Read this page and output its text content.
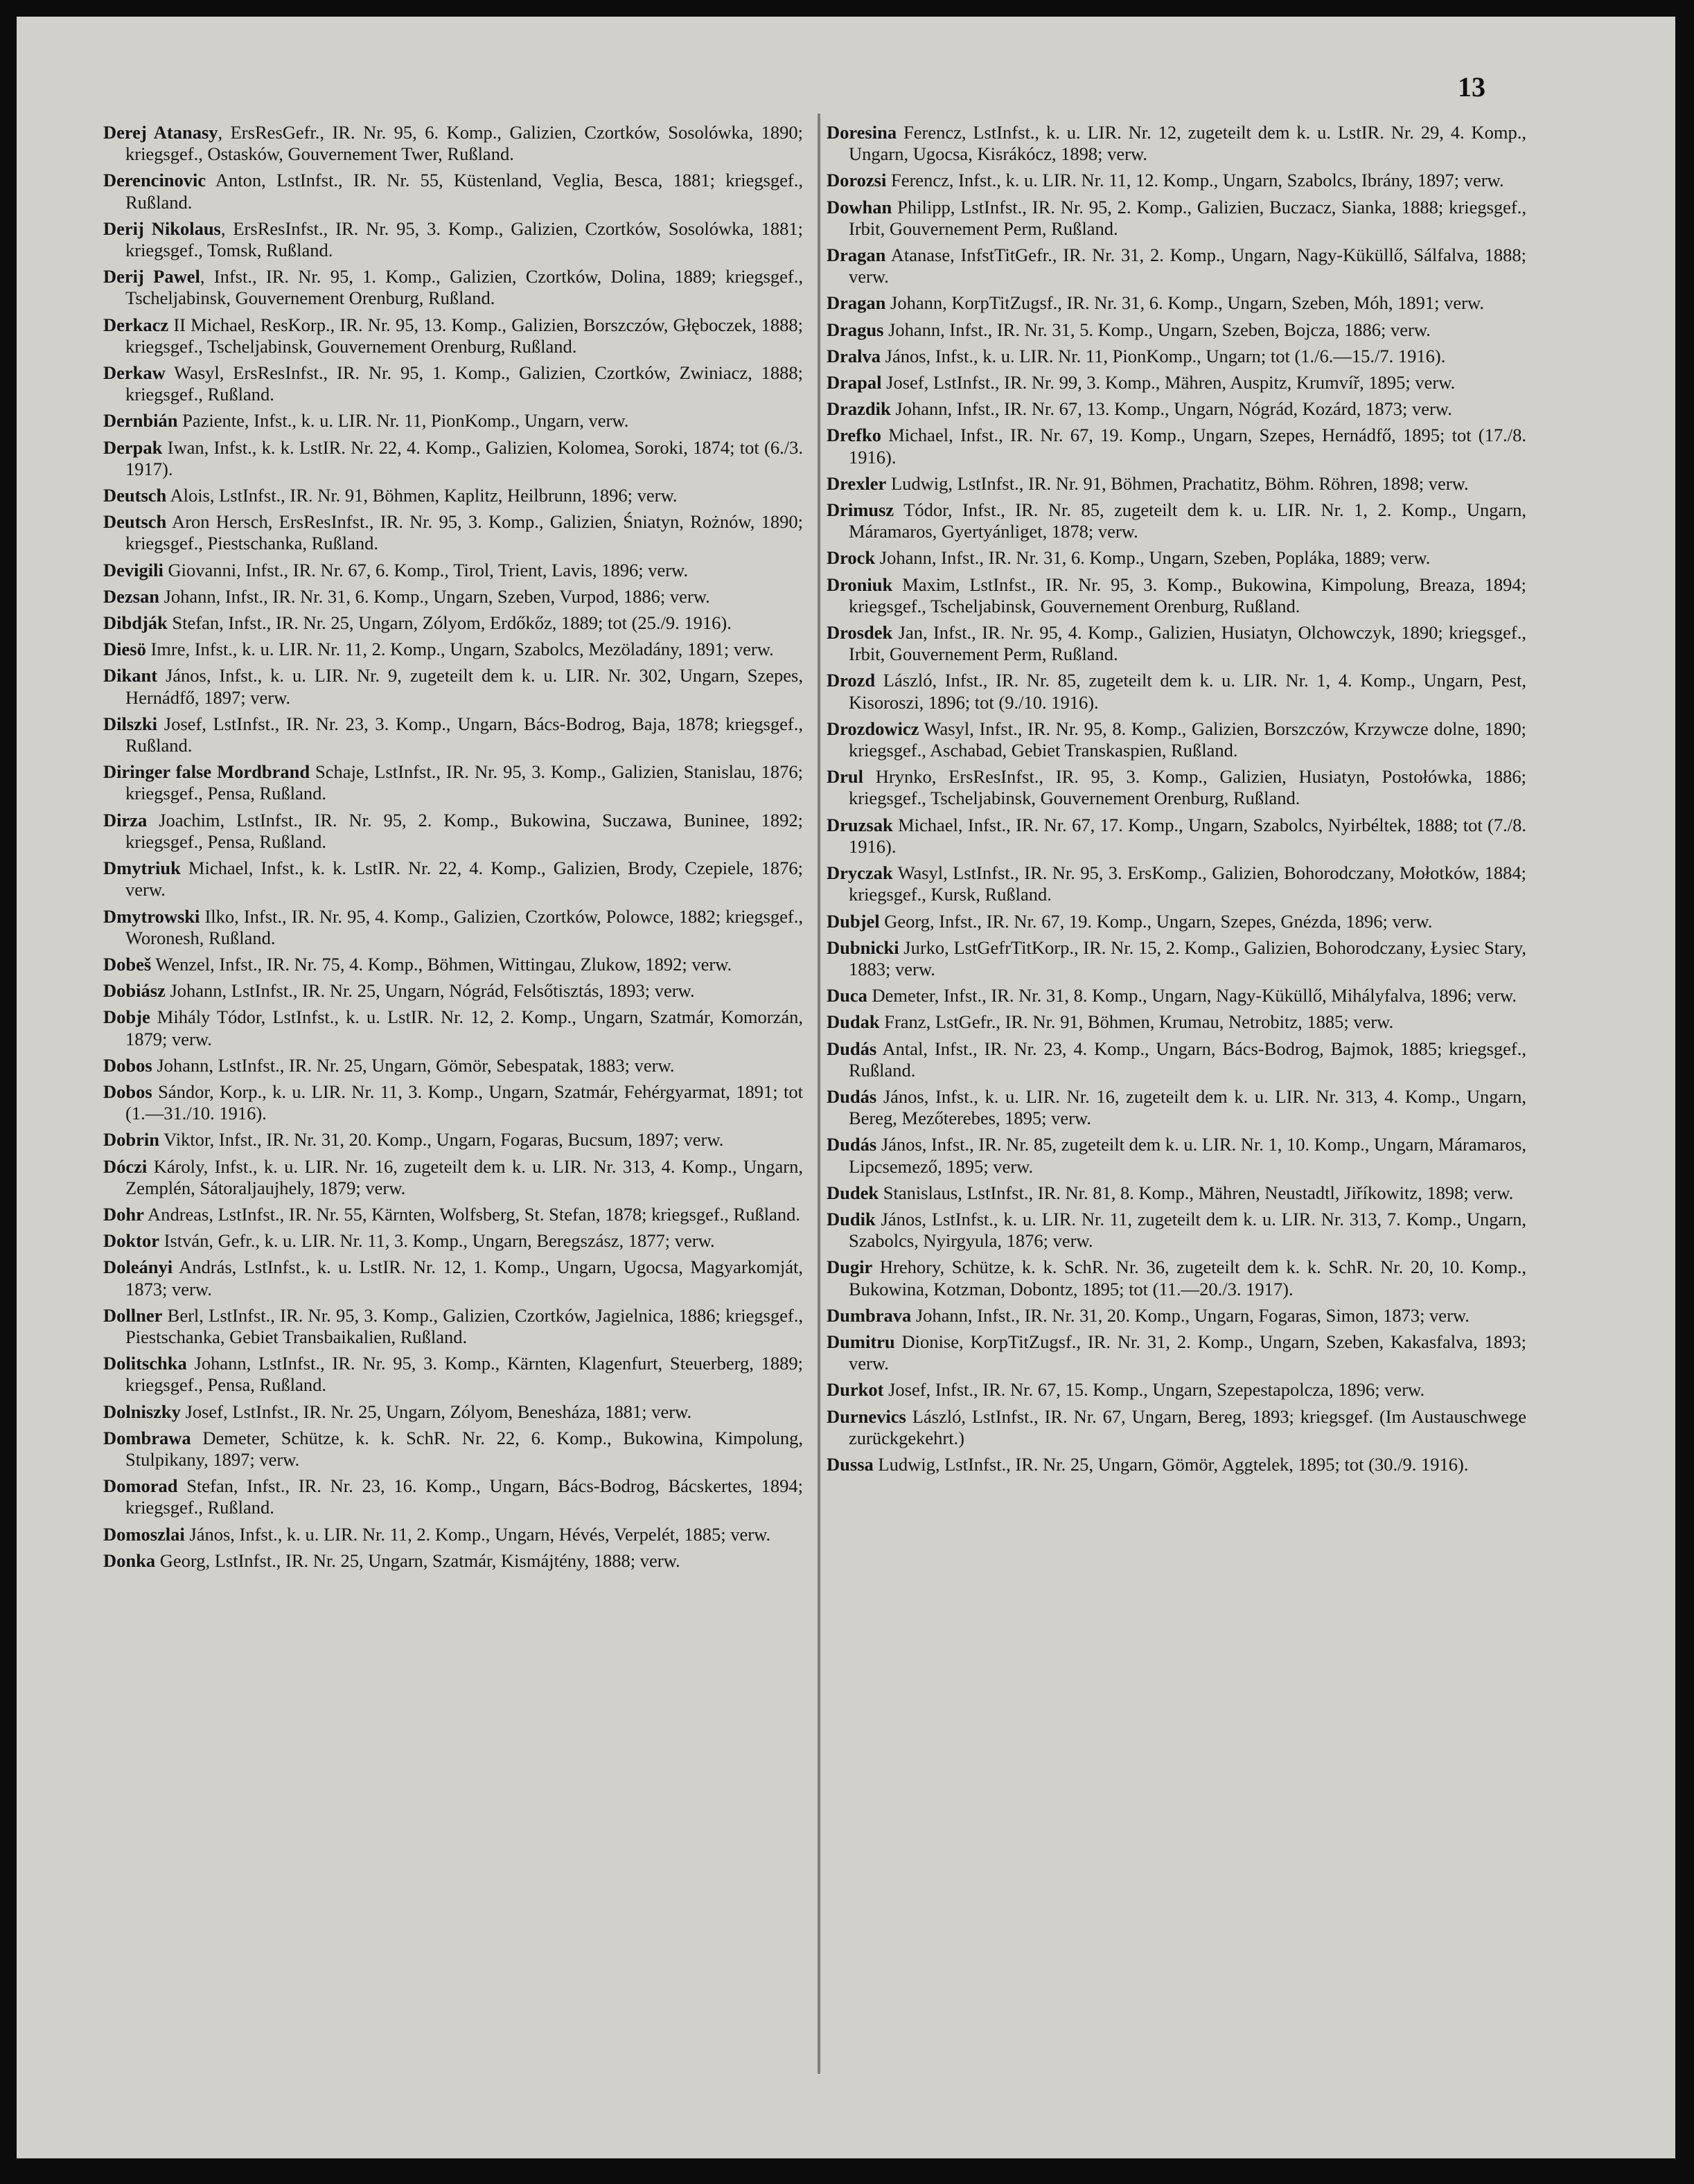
13

Derej Atanasy, ErsResGefr., IR. Nr. 95, 6. Komp., Galizien, Czortków, Sosolówka, 1890; kriegsgef., Ostasków, Gouvernement Twer, Rußland.

Derencinovic Anton, LstInfst., IR. Nr. 55, Küstenland, Veglia, Besca, 1881; kriegsgef., Rußland.

Derij Nikolaus, ErsResInfst., IR. Nr. 95, 3. Komp., Galizien, Czortków, Sosolówka, 1881; kriegsgef., Tomsk, Rußland.

Derij Pawel, Infst., IR. Nr. 95, 1. Komp., Galizien, Czortków, Dolina, 1889; kriegsgef., Tscheljabinsk, Gouvernement Orenburg, Rußland.

Derkacz II Michael, ResKorp., IR. Nr. 95, 13. Komp., Galizien, Borszczów, Głęboczek, 1888; kriegsgef., Tscheljabinsk, Gouvernement Orenburg, Rußland.

Derkaw Wasyl, ErsResInfst., IR. Nr. 95, 1. Komp., Galizien, Czortków, Zwiniacz, 1888; kriegsgef., Rußland.

Dernbián Paziente, Infst., k. u. LIR. Nr. 11, PionKomp., Ungarn, verw.

Derpak Iwan, Infst., k. k. LstIR. Nr. 22, 4. Komp., Galizien, Kolomea, Soroki, 1874; tot (6./3. 1917).

Deutsch Alois, LstInfst., IR. Nr. 91, Böhmen, Kaplitz, Heilbrunn, 1896; verw.

Deutsch Aron Hersch, ErsResInfst., IR. Nr. 95, 3. Komp., Galizien, Śniatyn, Rożnów, 1890; kriegsgef., Piestschanka, Rußland.

Devigili Giovanni, Infst., IR. Nr. 67, 6. Komp., Tirol, Trient, Lavis, 1896; verw.

Dezsan Johann, Infst., IR. Nr. 31, 6. Komp., Ungarn, Szeben, Vurpod, 1886; verw.

Dibdják Stefan, Infst., IR. Nr. 25, Ungarn, Zólyom, Erdőkőz, 1889; tot (25./9. 1916).

Diesö Imre, Infst., k. u. LIR. Nr. 11, 2. Komp., Ungarn, Szabolcs, Mezöladány, 1891; verw.

Dikant János, Infst., k. u. LIR. Nr. 9, zugeteilt dem k. u. LIR. Nr. 302, Ungarn, Szepes, Hernádfő, 1897; verw.

Dilszki Josef, LstInfst., IR. Nr. 23, 3. Komp., Ungarn, Bács-Bodrog, Baja, 1878; kriegsgef., Rußland.

Diringer false Mordbrand Schaje, LstInfst., IR. Nr. 95, 3. Komp., Galizien, Stanislau, 1876; kriegsgef., Pensa, Rußland.

Dirza Joachim, LstInfst., IR. Nr. 95, 2. Komp., Bukowina, Suczawa, Buninee, 1892; kriegsgef., Pensa, Rußland.

Dmytriuk Michael, Infst., k. k. LstIR. Nr. 22, 4. Komp., Galizien, Brody, Czepiele, 1876; verw.

Dmytrowski Ilko, Infst., IR. Nr. 95, 4. Komp., Galizien, Czortków, Polowce, 1882; kriegsgef., Woronesh, Rußland.

Dobeš Wenzel, Infst., IR. Nr. 75, 4. Komp., Böhmen, Wittingau, Zlukow, 1892; verw.

Dobiász Johann, LstInfst., IR. Nr. 25, Ungarn, Nógrád, Felsőtisztás, 1893; verw.

Dobje Mihály Tódor, LstInfst., k. u. LstIR. Nr. 12, 2. Komp., Ungarn, Szatmár, Komorzán, 1879; verw.

Dobos Johann, LstInfst., IR. Nr. 25, Ungarn, Gömör, Sebespatak, 1883; verw.

Dobos Sándor, Korp., k. u. LIR. Nr. 11, 3. Komp., Ungarn, Szatmár, Fehérgyarmat, 1891; tot (1.—31./10. 1916).

Dobrin Viktor, Infst., IR. Nr. 31, 20. Komp., Ungarn, Fogaras, Bucsum, 1897; verw.

Dóczi Károly, Infst., k. u. LIR. Nr. 16, zugeteilt dem k. u. LIR. Nr. 313, 4. Komp., Ungarn, Zemplén, Sátoraljaujhely, 1879; verw.

Dohr Andreas, LstInfst., IR. Nr. 55, Kärnten, Wolfsberg, St. Stefan, 1878; kriegsgef., Rußland.

Doktor István, Gefr., k. u. LIR. Nr. 11, 3. Komp., Ungarn, Beregszász, 1877; verw.

Doleányi András, LstInfst., k. u. LstIR. Nr. 12, 1. Komp., Ungarn, Ugocsa, Magyarkomját, 1873; verw.

Dollner Berl, LstInfst., IR. Nr. 95, 3. Komp., Galizien, Czortków, Jagielnica, 1886; kriegsgef., Piestschanka, Gebiet Transbaikalien, Rußland.

Dolitschka Johann, LstInfst., IR. Nr. 95, 3. Komp., Kärnten, Klagenfurt, Steuerberg, 1889; kriegsgef., Pensa, Rußland.

Dolniszky Josef, LstInfst., IR. Nr. 25, Ungarn, Zólyom, Benesháza, 1881; verw.

Dombrawa Demeter, Schütze, k. k. SchR. Nr. 22, 6. Komp., Bukowina, Kimpolung, Stulpikany, 1897; verw.

Domorad Stefan, Infst., IR. Nr. 23, 16. Komp., Ungarn, Bács-Bodrog, Bácskertes, 1894; kriegsgef., Rußland.

Domoszlai János, Infst., k. u. LIR. Nr. 11, 2. Komp., Ungarn, Hévés, Verpelét, 1885; verw.

Donka Georg, LstInfst., IR. Nr. 25, Ungarn, Szatmár, Kismájtény, 1888; verw.

Doresina Ferencz, LstInfst., k. u. LIR. Nr. 12, zugeteilt dem k. u. LstIR. Nr. 29, 4. Komp., Ungarn, Ugocsa, Kisrákócz, 1898; verw.

Dorozsi Ferencz, Infst., k. u. LIR. Nr. 11, 12. Komp., Ungarn, Szabolcs, Ibrány, 1897; verw.

Dowhan Philipp, LstInfst., IR. Nr. 95, 2. Komp., Galizien, Buczacz, Sianka, 1888; kriegsgef., Irbit, Gouvernement Perm, Rußland.

Dragan Atanase, InfstTitGefr., IR. Nr. 31, 2. Komp., Ungarn, Nagy-Küküllő, Sálfalva, 1888; verw.

Dragan Johann, KorpTitZugsf., IR. Nr. 31, 6. Komp., Ungarn, Szeben, Móh, 1891; verw.

Dragus Johann, Infst., IR. Nr. 31, 5. Komp., Ungarn, Szeben, Bojcza, 1886; verw.

Dralva János, Infst., k. u. LIR. Nr. 11, PionKomp., Ungarn; tot (1./6.—15./7. 1916).

Drapal Josef, LstInfst., IR. Nr. 99, 3. Komp., Mähren, Auspitz, Krumvíř, 1895; verw.

Drazdik Johann, Infst., IR. Nr. 67, 13. Komp., Ungarn, Nógrád, Kozárd, 1873; verw.

Drefko Michael, Infst., IR. Nr. 67, 19. Komp., Ungarn, Szepes, Hernádfő, 1895; tot (17./8. 1916).

Drexler Ludwig, LstInfst., IR. Nr. 91, Böhmen, Prachatitz, Böhm. Röhren, 1898; verw.

Drimusz Tódor, Infst., IR. Nr. 85, zugeteilt dem k. u. LIR. Nr. 1, 2. Komp., Ungarn, Máramaros, Gyertyánliget, 1878; verw.

Drock Johann, Infst., IR. Nr. 31, 6. Komp., Ungarn, Szeben, Popláka, 1889; verw.

Droniuk Maxim, LstInfst., IR. Nr. 95, 3. Komp., Bukowina, Kimpolung, Breaza, 1894; kriegsgef., Tscheljabinsk, Gouvernement Orenburg, Rußland.

Drosdek Jan, Infst., IR. Nr. 95, 4. Komp., Galizien, Husiatyn, Olchowczyk, 1890; kriegsgef., Irbit, Gouvernement Perm, Rußland.

Drozd László, Infst., IR. Nr. 85, zugeteilt dem k. u. LIR. Nr. 1, 4. Komp., Ungarn, Pest, Kisoroszi, 1896; tot (9./10. 1916).

Drozdowicz Wasyl, Infst., IR. Nr. 95, 8. Komp., Galizien, Borszczów, Krzywcze dolne, 1890; kriegsgef., Aschabad, Gebiet Transkaspien, Rußland.

Drul Hrynko, ErsResInfst., IR. 95, 3. Komp., Galizien, Husiatyn, Postołówka, 1886; kriegsgef., Tscheljabinsk, Gouvernement Orenburg, Rußland.

Druzsak Michael, Infst., IR. Nr. 67, 17. Komp., Ungarn, Szabolcs, Nyirbéltek, 1888; tot (7./8. 1916).

Dryczak Wasyl, LstInfst., IR. Nr. 95, 3. ErsKomp., Galizien, Bohorodczany, Mołotków, 1884; kriegsgef., Kursk, Rußland.

Dubjel Georg, Infst., IR. Nr. 67, 19. Komp., Ungarn, Szepes, Gnézda, 1896; verw.

Dubnicki Jurko, LstGefrTitKorp., IR. Nr. 15, 2. Komp., Galizien, Bohorodczany, Łysiec Stary, 1883; verw.

Duca Demeter, Infst., IR. Nr. 31, 8. Komp., Ungarn, Nagy-Küküllő, Mihályfalva, 1896; verw.

Dudak Franz, LstGefr., IR. Nr. 91, Böhmen, Krumau, Netrobitz, 1885; verw.

Dudás Antal, Infst., IR. Nr. 23, 4. Komp., Ungarn, Bács-Bodrog, Bajmok, 1885; kriegsgef., Rußland.

Dudás János, Infst., k. u. LIR. Nr. 16, zugeteilt dem k. u. LIR. Nr. 313, 4. Komp., Ungarn, Bereg, Mezőterebes, 1895; verw.

Dudás János, Infst., IR. Nr. 85, zugeteilt dem k. u. LIR. Nr. 1, 10. Komp., Ungarn, Máramaros, Lipcsemező, 1895; verw.

Dudek Stanislaus, LstInfst., IR. Nr. 81, 8. Komp., Mähren, Neustadtl, Jiříkowitz, 1898; verw.

Dudik János, LstInfst., k. u. LIR. Nr. 11, zugeteilt dem k. u. LIR. Nr. 313, 7. Komp., Ungarn, Szabolcs, Nyirgyula, 1876; verw.

Dugir Hrehory, Schütze, k. k. SchR. Nr. 36, zugeteilt dem k. k. SchR. Nr. 20, 10. Komp., Bukowina, Kotzman, Dobontz, 1895; tot (11.—20./3. 1917).

Dumbrava Johann, Infst., IR. Nr. 31, 20. Komp., Ungarn, Fogaras, Simon, 1873; verw.

Dumitru Dionise, KorpTitZugsf., IR. Nr. 31, 2. Komp., Ungarn, Szeben, Kakasfalva, 1893; verw.

Durkot Josef, Infst., IR. Nr. 67, 15. Komp., Ungarn, Szepestapolcza, 1896; verw.

Durnevics László, LstInfst., IR. Nr. 67, Ungarn, Bereg, 1893; kriegsgef. (Im Austauschwege zurückgekehrt.)

Dussa Ludwig, LstInfst., IR. Nr. 25, Ungarn, Gömör, Aggtelek, 1895; tot (30./9. 1916).
